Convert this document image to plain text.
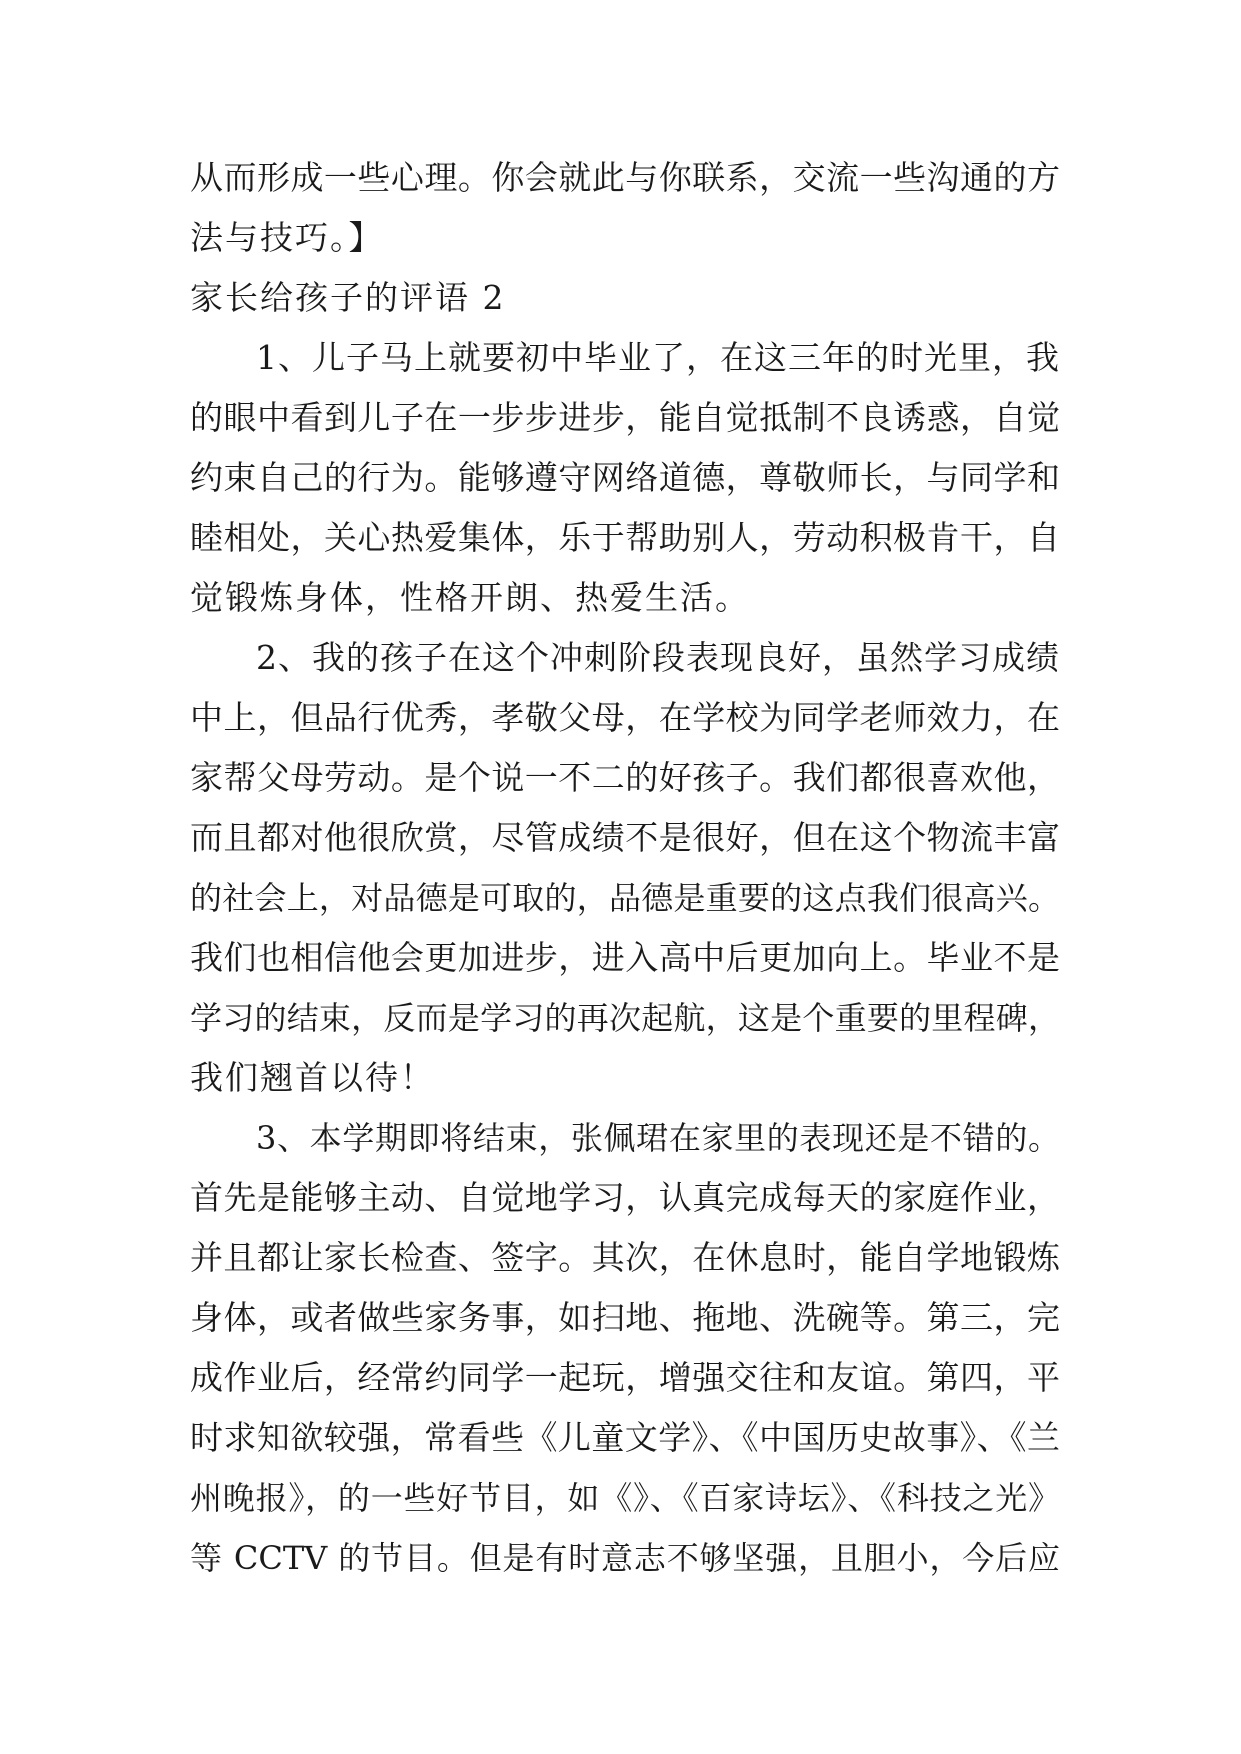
从而形成一些心理。你会就此与你联系，交流一些沟通的方
法与技巧。】
家长给孩子的评语 2
1、儿子马上就要初中毕业了，在这三年的时光里，我
的眼中看到儿子在一步步进步，能自觉抵制不良诱惑，自觉
约束自己的行为。能够遵守网络道德，尊敬师长，与同学和
睦相处，关心热爱集体，乐于帮助别人，劳动积极肯干，自
觉锻炼身体，性格开朗、热爱生活。
2、我的孩子在这个冲刺阶段表现良好，虽然学习成绩
中上，但品行优秀，孝敬父母，在学校为同学老师效力，在
家帮父母劳动。是个说一不二的好孩子。我们都很喜欢他，
而且都对他很欣赏，尽管成绩不是很好，但在这个物流丰富
的社会上，对品德是可取的，品德是重要的这点我们很高兴。
我们也相信他会更加进步，进入高中后更加向上。毕业不是
学习的结束，反而是学习的再次起航，这是个重要的里程碑，
我们翘首以待！
3、本学期即将结束，张佩珺在家里的表现还是不错的。
首先是能够主动、自觉地学习，认真完成每天的家庭作业，
并且都让家长检查、签字。其次，在休息时，能自学地锻炼
身体，或者做些家务事，如扫地、拖地、洗碗等。第三，完
成作业后，经常约同学一起玩，增强交往和友谊。第四，平
时求知欲较强，常看些《儿童文学》、《中国历史故事》、《兰
州晚报》，的一些好节目，如《》、《百家诗坛》、《科技之光》
等 CCTV 的节目。但是有时意志不够坚强，且胆小，今后应
